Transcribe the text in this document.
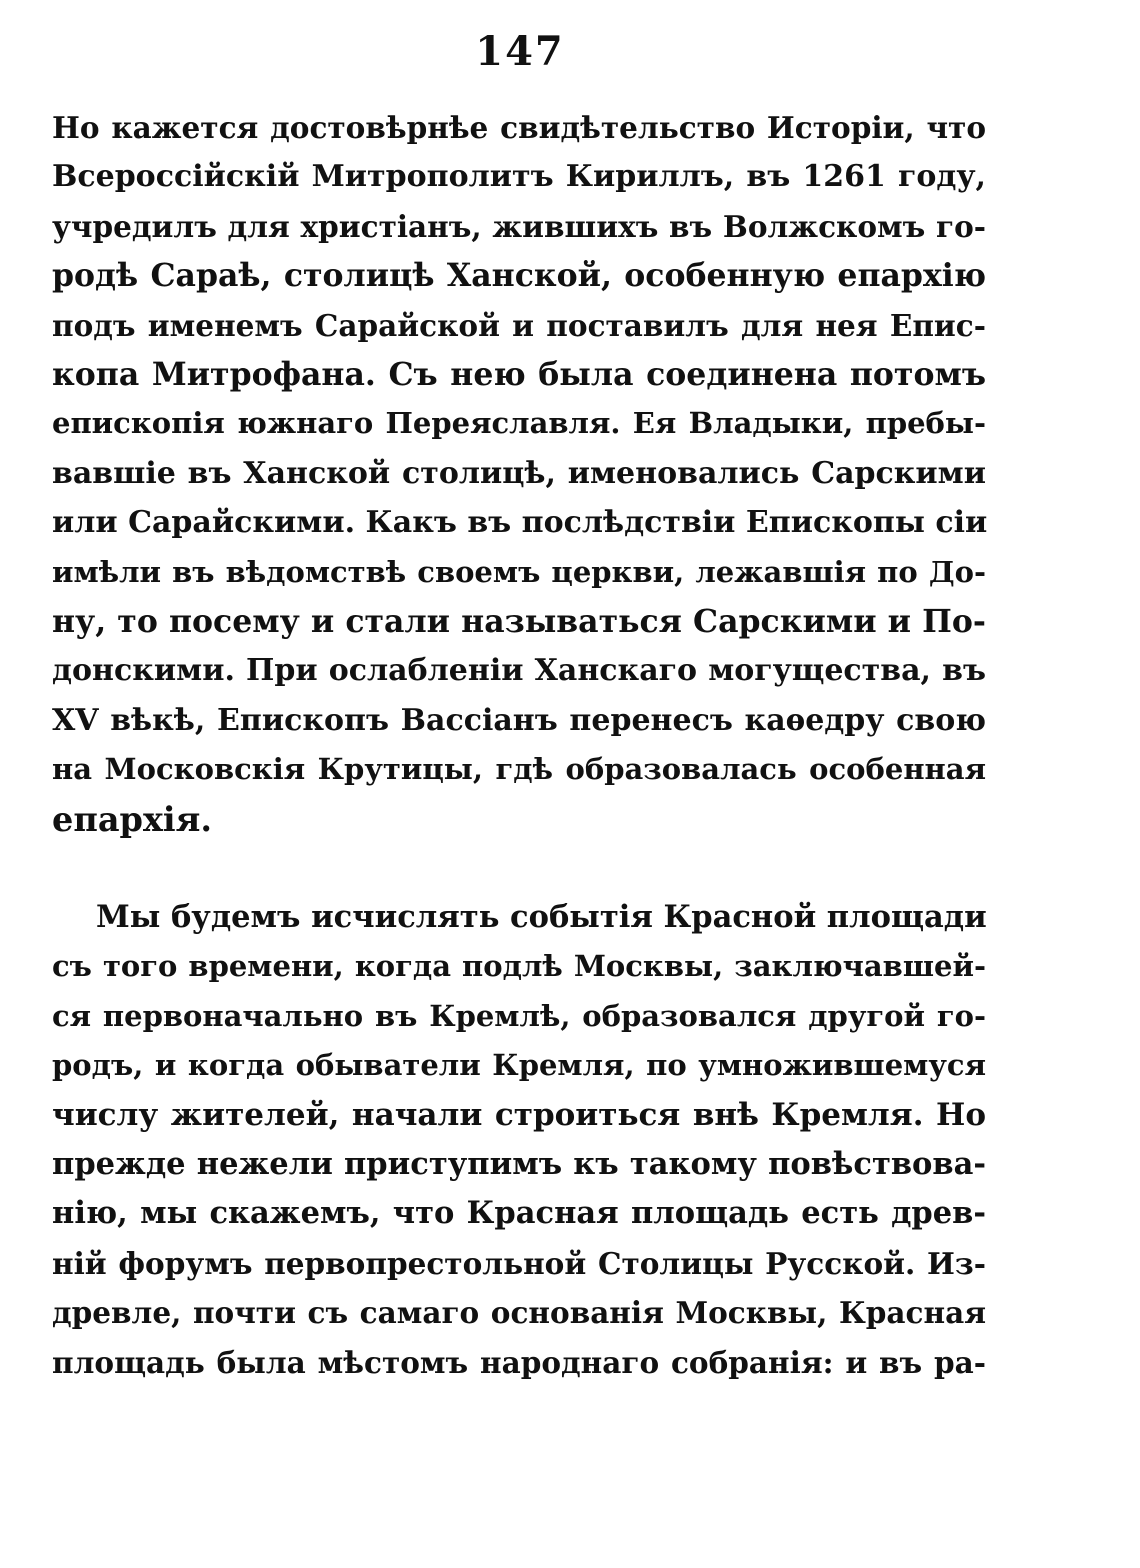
147

Но кажется достовѣрнѣе свидѣтельство Исторіи, что
Всероссійскій Митрополитъ Кириллъ, въ 1261 году,
учредилъ для христіанъ, жившихъ въ Волжскомъ го-
родѣ Сараѣ, столицѣ Ханской, особенную епархію
подъ именемъ Сарайской и поставилъ для нея Епис-
копа Митрофана. Съ нею была соединена потомъ
епископія южнаго Переяславля. Ея Владыки, пребы-
вавшіе въ Ханской столицѣ, именовались Сарскими
или Сарайскими. Какъ въ послѣдствіи Епископы сіи
имѣли въ вѣдомствѣ своемъ церкви, лежавшія по До-
ну, то посему и стали называться Сарскими и По-
донскими. При ослабленіи Ханскаго могущества, въ
XV вѣкѣ, Епископъ Вассіанъ перенесъ каѳедру свою
на Московскія Крутицы, гдѣ образовалась особенная
епархія.

Мы будемъ исчислять событія Красной площади
съ того времени, когда подлѣ Москвы, заключавшей-
ся первоначально въ Кремлѣ, образовался другой го-
родъ, и когда обыватели Кремля, по умножившемуся
числу жителей, начали строиться внѣ Кремля. Но
прежде нежели приступимъ къ такому повѣствова-
нію, мы скажемъ, что Красная площадь есть древ-
ній форумъ первопрестольной Столицы Русской. Из-
древле, почти съ самаго основанія Москвы, Красная
площадь была мѣстомъ народнаго собранія: и въ ра-
